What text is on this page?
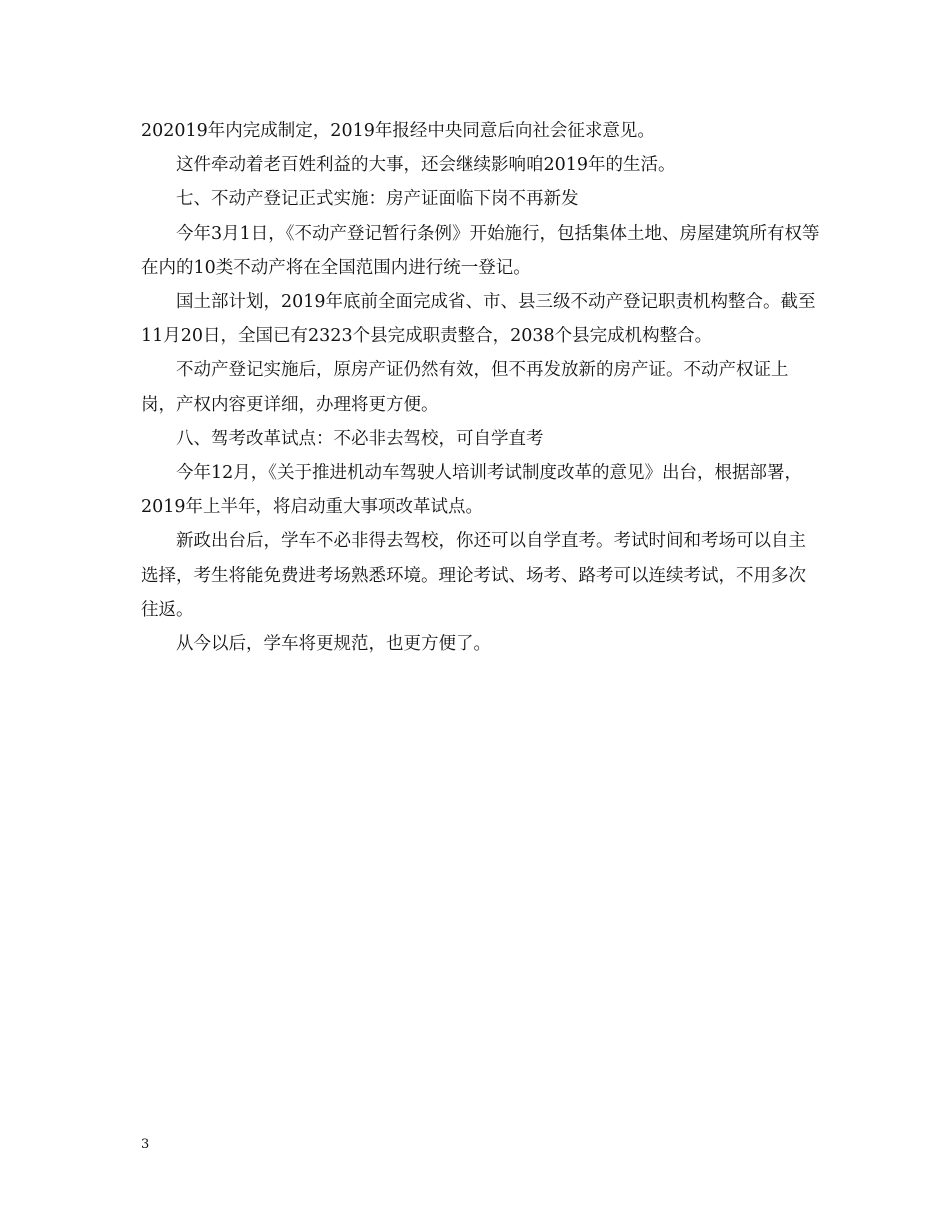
202019年内完成制定，2019年报经中央同意后向社会征求意见。

这件牵动着老百姓利益的大事，还会继续影响咱2019年的生活。

七、不动产登记正式实施：房产证面临下岗不再新发

今年3月1日，《不动产登记暂行条例》开始施行，包括集体土地、房屋建筑所有权等在内的10类不动产将在全国范围内进行统一登记。

国土部计划，2019年底前全面完成省、市、县三级不动产登记职责机构整合。截至11月20日，全国已有2323个县完成职责整合，2038个县完成机构整合。

不动产登记实施后，原房产证仍然有效，但不再发放新的房产证。不动产权证上岗，产权内容更详细，办理将更方便。

八、驾考改革试点：不必非去驾校，可自学直考

今年12月，《关于推进机动车驾驶人培训考试制度改革的意见》出台，根据部署，2019年上半年，将启动重大事项改革试点。

新政出台后，学车不必非得去驾校，你还可以自学直考。考试时间和考场可以自主选择，考生将能免费进考场熟悉环境。理论考试、场考、路考可以连续考试，不用多次往返。

从今以后，学车将更规范，也更方便了。

3
